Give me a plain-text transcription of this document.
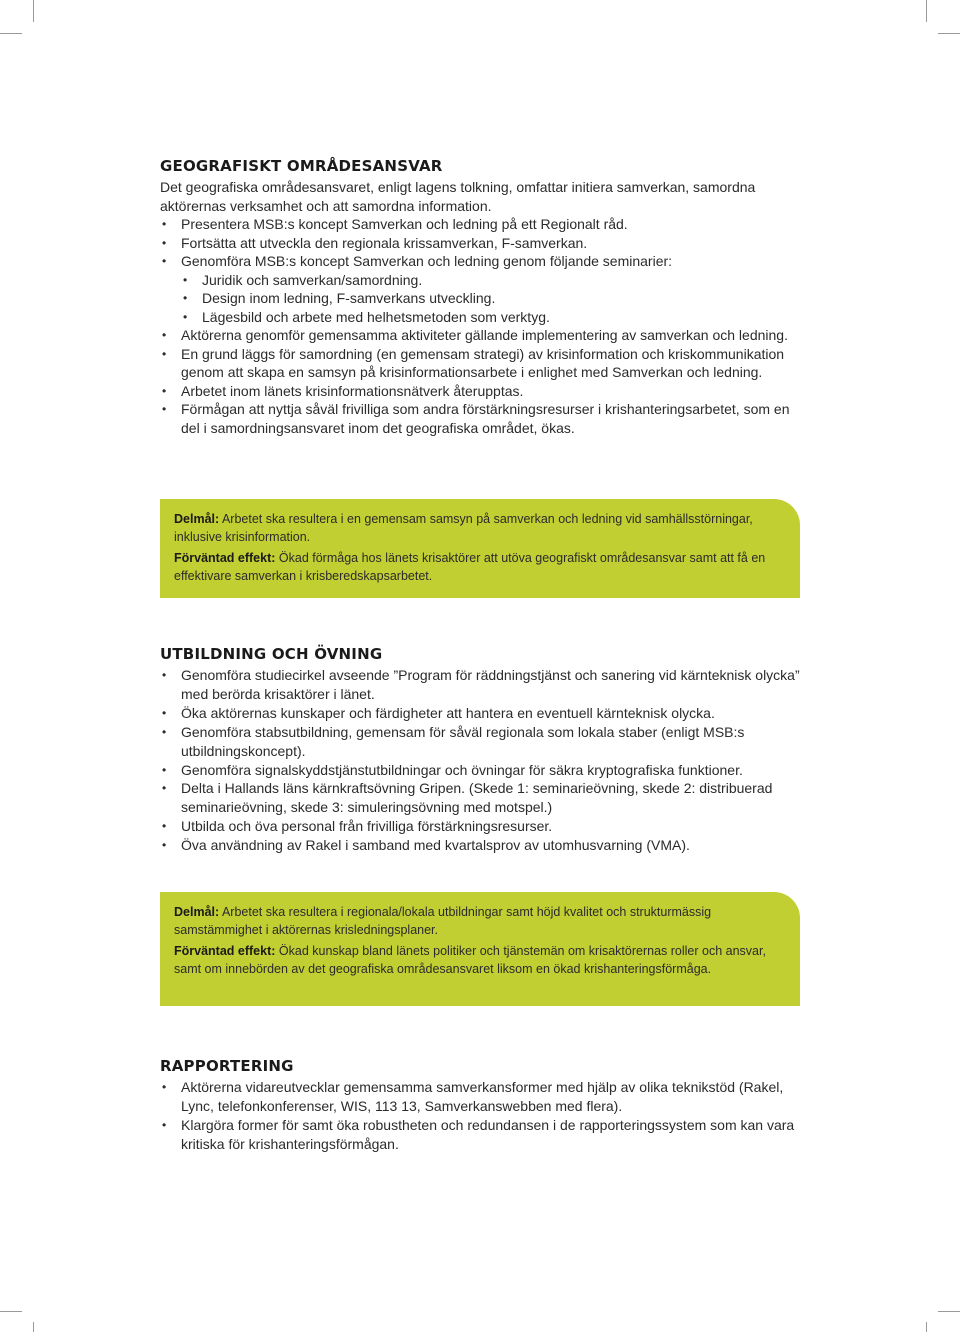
GEOGRAFISKT OMRÅDESANSVAR

Det geografiska områdesansvaret, enligt lagens tolkning, omfattar initiera samverkan, samordna aktörernas verksamhet och att samordna information.

• Presentera MSB:s koncept Samverkan och ledning på ett Regionalt råd.
• Fortsätta att utveckla den regionala krissamverkan, F-samverkan.
• Genomföra MSB:s koncept Samverkan och ledning genom följande seminarier:
• Juridik och samverkan/samordning.
• Design inom ledning, F-samverkans utveckling.
• Lägesbild och arbete med helhetsmetoden som verktyg.
• Aktörerna genomför gemensamma aktiviteter gällande implementering av samverkan och ledning.
• En grund läggs för samordning (en gemensam strategi) av krisinformation och kriskommunikation genom att skapa en samsyn på krisinformationsarbete i enlighet med Samverkan och ledning.
• Arbetet inom länets krisinformationsnätverk återupptas.
• Förmågan att nyttja såväl frivilliga som andra förstärkningsresurser i krishanteringsarbetet, som en del i samordningsansvaret inom det geografiska området, ökas.

Delmål: Arbetet ska resultera i en gemensam samsyn på samverkan och ledning vid samhällsstörningar, inklusive krisinformation.

Förväntad effekt: Ökad förmåga hos länets krisaktörer att utöva geografiskt områdesansvar samt att få en effektivare samverkan i krisberedskapsarbetet.

UTBILDNING OCH ÖVNING
• Genomföra studiecirkel avseende ”Program för räddningstjänst och sanering vid kärnteknisk olycka” med berörda krisaktörer i länet.
• Öka aktörernas kunskaper och färdigheter att hantera en eventuell kärnteknisk olycka.
• Genomföra stabsutbildning, gemensam för såväl regionala som lokala staber (enligt MSB:s utbildningskoncept).
• Genomföra signalskyddstjänstutbildningar och övningar för säkra kryptografiska funktioner.
• Delta i Hallands läns kärnkraftsövning Gripen. (Skede 1: seminarieövning, skede 2: distribuerad seminarieövning, skede 3: simuleringsövning med motspel.)
• Utbilda och öva personal från frivilliga förstärkningsresurser.
• Öva användning av Rakel i samband med kvartalsprov av utomhusvarning (VMA).

Delmål: Arbetet ska resultera i regionala/lokala utbildningar samt höjd kvalitet och strukturmässig samstämmighet i aktörernas krisledningsplaner.

Förväntad effekt: Ökad kunskap bland länets politiker och tjänstemän om krisaktörernas roller och ansvar, samt om innebörden av det geografiska områdesansvaret liksom en ökad krishanteringsförmåga.

RAPPORTERING
• Aktörerna vidareutvecklar gemensamma samverkansformer med hjälp av olika teknikstöd (Rakel, Lync, telefonkonferenser, WIS, 113 13, Samverkanswebben med flera).
• Klargöra former för samt öka robustheten och redundansen i de rapporteringssystem som kan vara kritiska för krishanteringsförmågan.
